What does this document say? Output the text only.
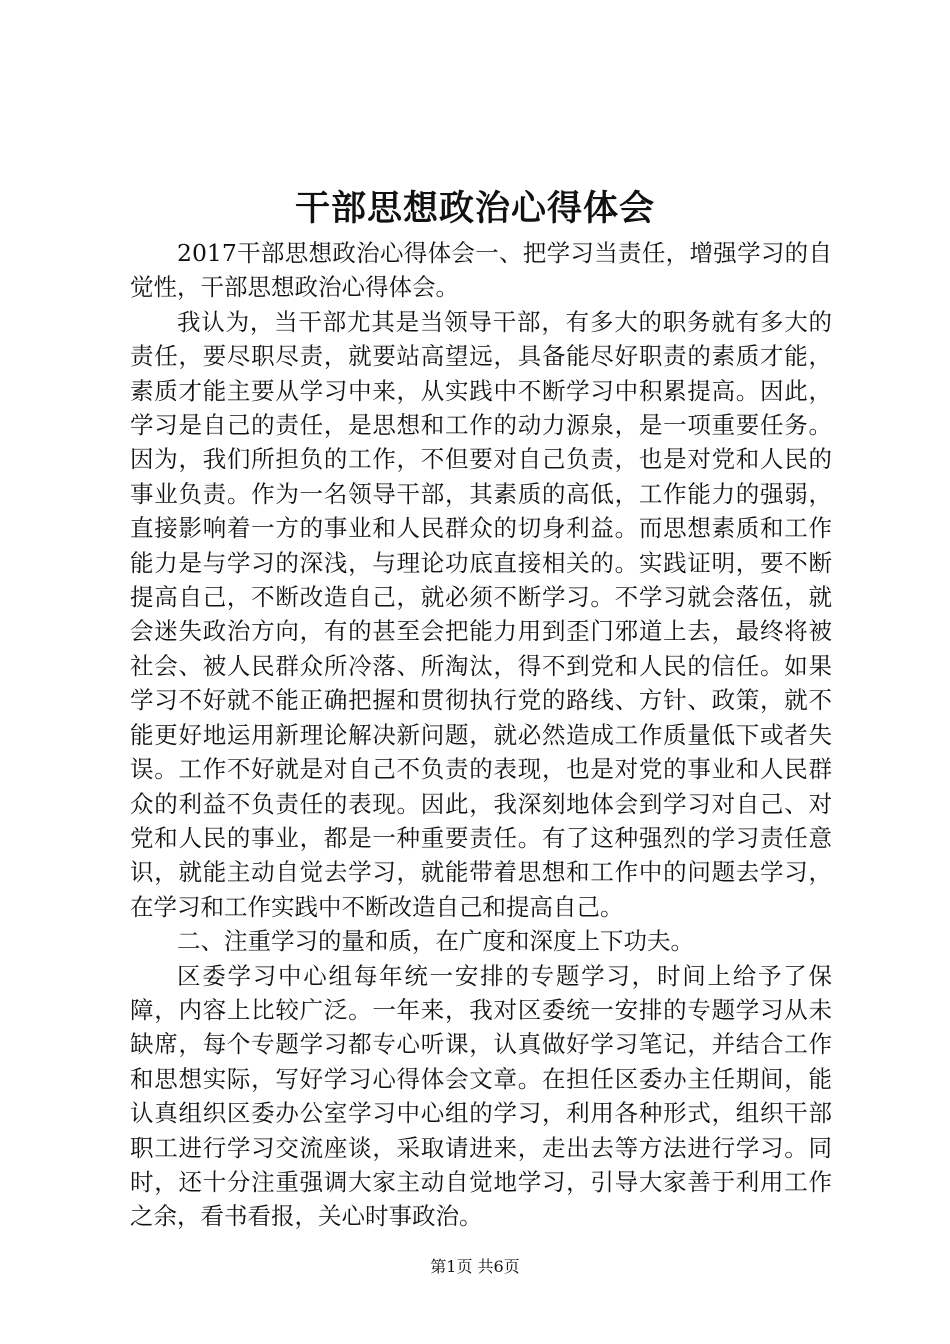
干部思想政治心得体会

2017干部思想政治心得体会一、把学习当责任，增强学习的自觉性，干部思想政治心得体会。

我认为，当干部尤其是当领导干部，有多大的职务就有多大的责任，要尽职尽责，就要站高望远，具备能尽好职责的素质才能，素质才能主要从学习中来，从实践中不断学习中积累提高。因此，学习是自己的责任，是思想和工作的动力源泉，是一项重要任务。因为，我们所担负的工作，不但要对自己负责，也是对党和人民的事业负责。作为一名领导干部，其素质的高低，工作能力的强弱，直接影响着一方的事业和人民群众的切身利益。而思想素质和工作能力是与学习的深浅，与理论功底直接相关的。实践证明，要不断提高自己，不断改造自己，就必须不断学习。不学习就会落伍，就会迷失政治方向，有的甚至会把能力用到歪门邪道上去，最终将被社会、被人民群众所冷落、所淘汰，得不到党和人民的信任。如果学习不好就不能正确把握和贯彻执行党的路线、方针、政策，就不能更好地运用新理论解决新问题，就必然造成工作质量低下或者失误。工作不好就是对自己不负责的表现，也是对党的事业和人民群众的利益不负责任的表现。因此，我深刻地体会到学习对自己、对党和人民的事业，都是一种重要责任。有了这种强烈的学习责任意识，就能主动自觉去学习，就能带着思想和工作中的问题去学习，在学习和工作实践中不断改造自己和提高自己。

二、注重学习的量和质，在广度和深度上下功夫。

区委学习中心组每年统一安排的专题学习，时间上给予了保障，内容上比较广泛。一年来，我对区委统一安排的专题学习从未缺席，每个专题学习都专心听课，认真做好学习笔记，并结合工作和思想实际，写好学习心得体会文章。在担任区委办主任期间，能认真组织区委办公室学习中心组的学习，利用各种形式，组织干部职工进行学习交流座谈，采取请进来，走出去等方法进行学习。同时，还十分注重强调大家主动自觉地学习，引导大家善于利用工作之余，看书看报，关心时事政治。

第1页 共6页
